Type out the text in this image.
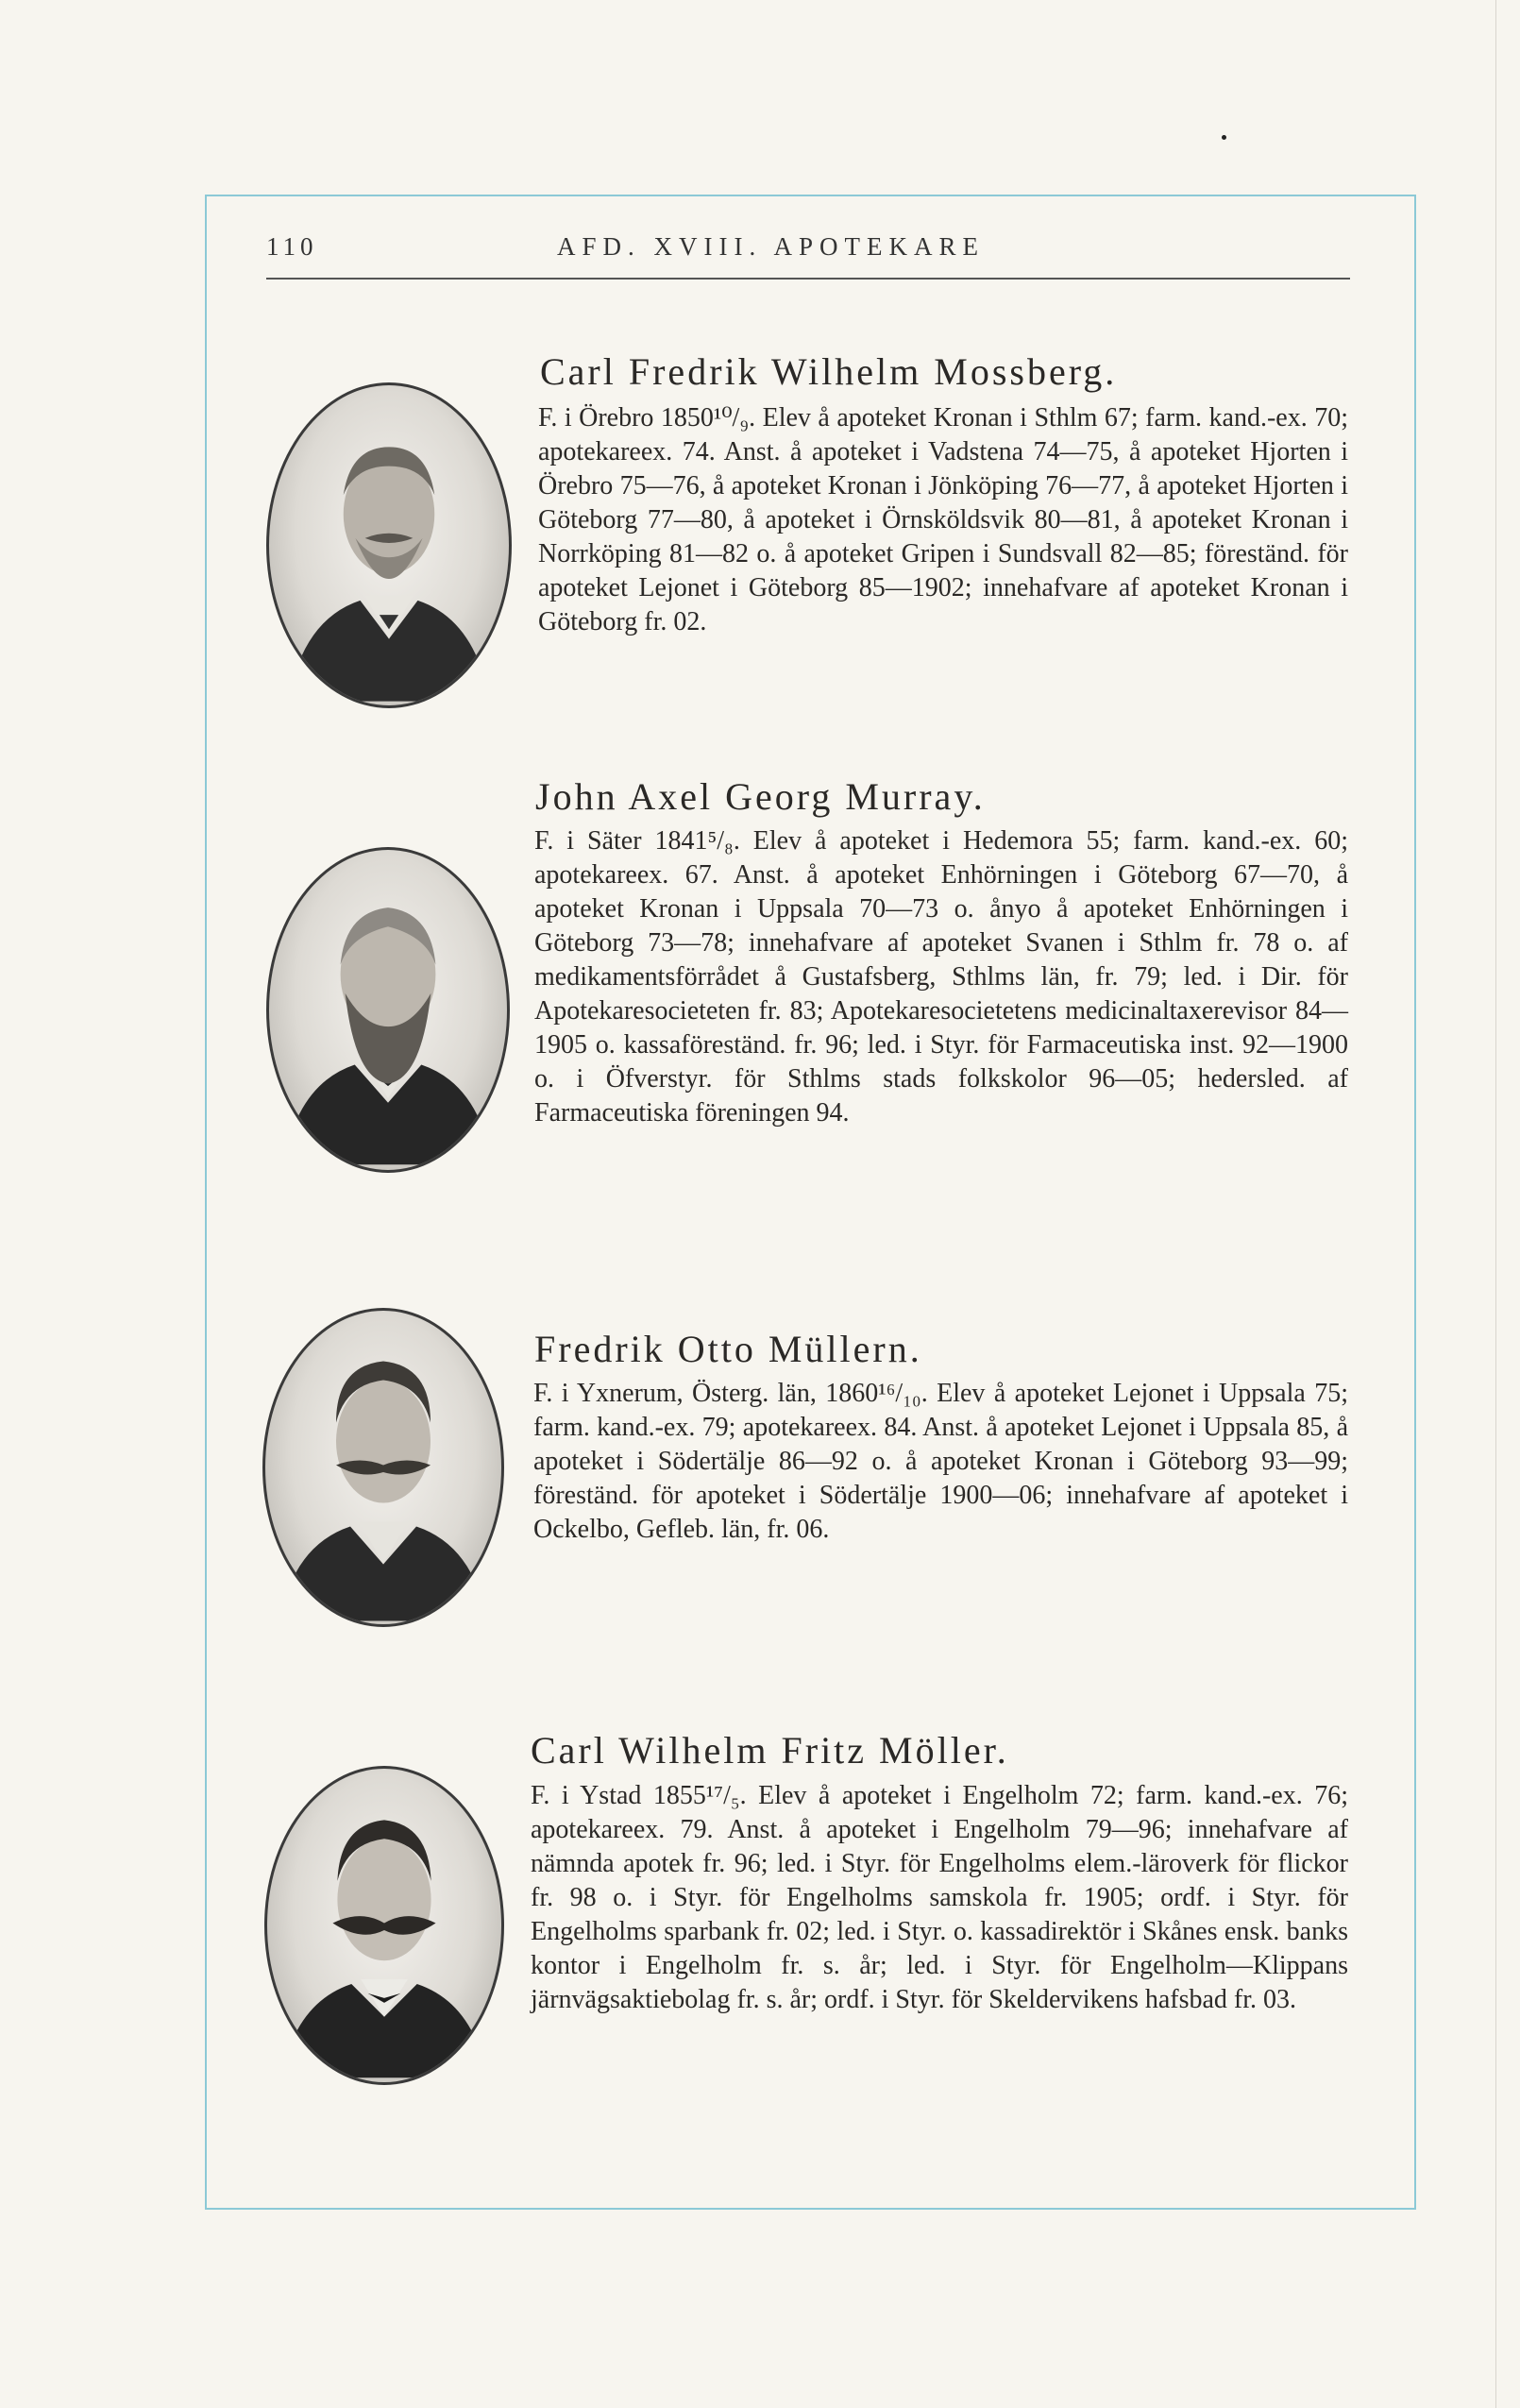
110	AFD. XVIII. APOTEKARE
Carl Fredrik Wilhelm Mossberg.
F. i Örebro 1850¹⁰/₉. Elev å apoteket Kronan i Sthlm 67; farm. kand.-ex. 70; apotekareex. 74. Anst. å apoteket i Vadstena 74—75, å apoteket Hjorten i Örebro 75—76, å apoteket Kronan i Jönköping 76—77, å apoteket Hjorten i Göteborg 77—80, å apoteket i Örnsköldsvik 80—81, å apoteket Kronan i Norrköping 81—82 o. å apoteket Gripen i Sundsvall 82—85; föreständ. för apoteket Lejonet i Göteborg 85—1902; innehafvare af apoteket Kronan i Göteborg fr. 02.
John Axel Georg Murray.
F. i Säter 1841⁵/₈. Elev å apoteket i Hedemora 55; farm. kand.-ex. 60; apotekareex. 67. Anst. å apoteket Enhörningen i Göteborg 67—70, å apoteket Kronan i Uppsala 70—73 o. ånyo å apoteket Enhörningen i Göteborg 73—78; innehafvare af apoteket Svanen i Sthlm fr. 78 o. af medikamentsförrådet å Gustafsberg, Sthlms län, fr. 79; led. i Dir. för Apotekaresocieteten fr. 83; Apotekaresocietetens medicinaltaxerevisor 84—1905 o. kassaföreständ. fr. 96; led. i Styr. för Farmaceutiska inst. 92—1900 o. i Öfverstyr. för Sthlms stads folkskolor 96—05; hedersled. af Farmaceutiska föreningen 94.
Fredrik Otto Müllern.
F. i Yxnerum, Österg. län, 1860¹⁶/₁₀. Elev å apoteket Lejonet i Uppsala 75; farm. kand.-ex. 79; apotekareex. 84. Anst. å apoteket Lejonet i Uppsala 85, å apoteket i Södertälje 86—92 o. å apoteket Kronan i Göteborg 93—99; föreständ. för apoteket i Södertälje 1900—06; innehafvare af apoteket i Ockelbo, Gefleb. län, fr. 06.
Carl Wilhelm Fritz Möller.
F. i Ystad 1855¹⁷/₅. Elev å apoteket i Engelholm 72; farm. kand.-ex. 76; apotekareex. 79. Anst. å apoteket i Engelholm 79—96; innehafvare af nämnda apotek fr. 96; led. i Styr. för Engelholms elem.-läroverk för flickor fr. 98 o. i Styr. för Engelholms samskola fr. 1905; ordf. i Styr. för Engelholms sparbank fr. 02; led. i Styr. o. kassadirektör i Skånes ensk. banks kontor i Engelholm fr. s. år; led. i Styr. för Engelholm—Klippans järnvägsaktiebolag fr. s. år; ordf. i Styr. för Skeldervikens hafsbad fr. 03.
